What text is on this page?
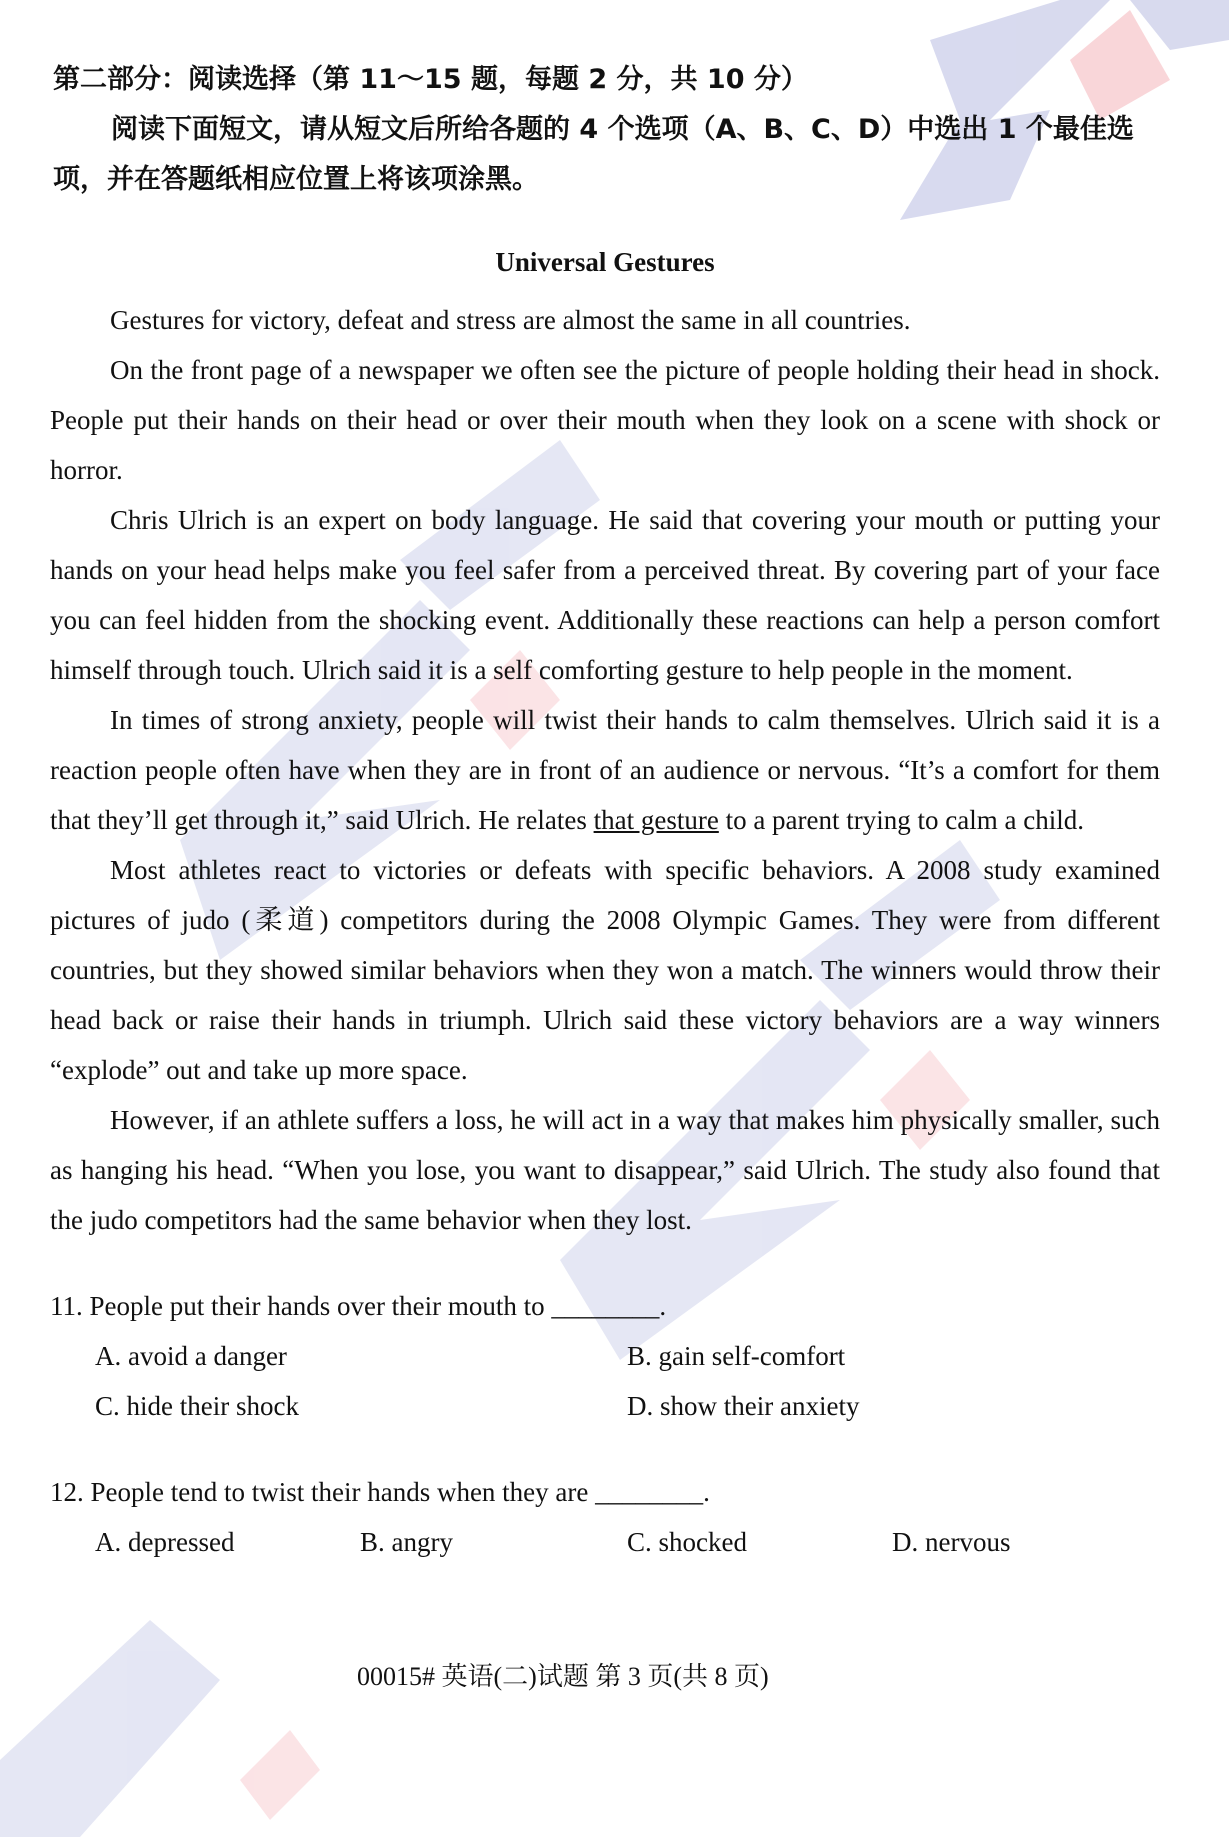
第二部分：阅读选择（第 11～15 题，每题 2 分，共 10 分）
阅读下面短文，请从短文后所给各题的 4 个选项（A、B、C、D）中选出 1 个最佳选项，并在答题纸相应位置上将该项涂黑。
Universal Gestures

Gestures for victory, defeat and stress are almost the same in all countries.

On the front page of a newspaper we often see the picture of people holding their head in shock. People put their hands on their head or over their mouth when they look on a scene with shock or horror.

Chris Ulrich is an expert on body language. He said that covering your mouth or putting your hands on your head helps make you feel safer from a perceived threat. By covering part of your face you can feel hidden from the shocking event. Additionally these reactions can help a person comfort himself through touch. Ulrich said it is a self comforting gesture to help people in the moment.

In times of strong anxiety, people will twist their hands to calm themselves. Ulrich said it is a reaction people often have when they are in front of an audience or nervous. “It’s a comfort for them that they’ll get through it,” said Ulrich. He relates that gesture to a parent trying to calm a child.

Most athletes react to victories or defeats with specific behaviors. A 2008 study examined pictures of judo (柔道) competitors during the 2008 Olympic Games. They were from different countries, but they showed similar behaviors when they won a match. The winners would throw their head back or raise their hands in triumph. Ulrich said these victory behaviors are a way winners “explode” out and take up more space.

However, if an athlete suffers a loss, he will act in a way that makes him physically smaller, such as hanging his head. “When you lose, you want to disappear,” said Ulrich. The study also found that the judo competitors had the same behavior when they lost.

11. People put their hands over their mouth to ________.
A. avoid a danger	B. gain self-comfort
C. hide their shock	D. show their anxiety
12. People tend to twist their hands when they are ________.
A. depressed	B. angry	C. shocked	D. nervous
00015# 英语(二)试题 第 3 页(共 8 页)
